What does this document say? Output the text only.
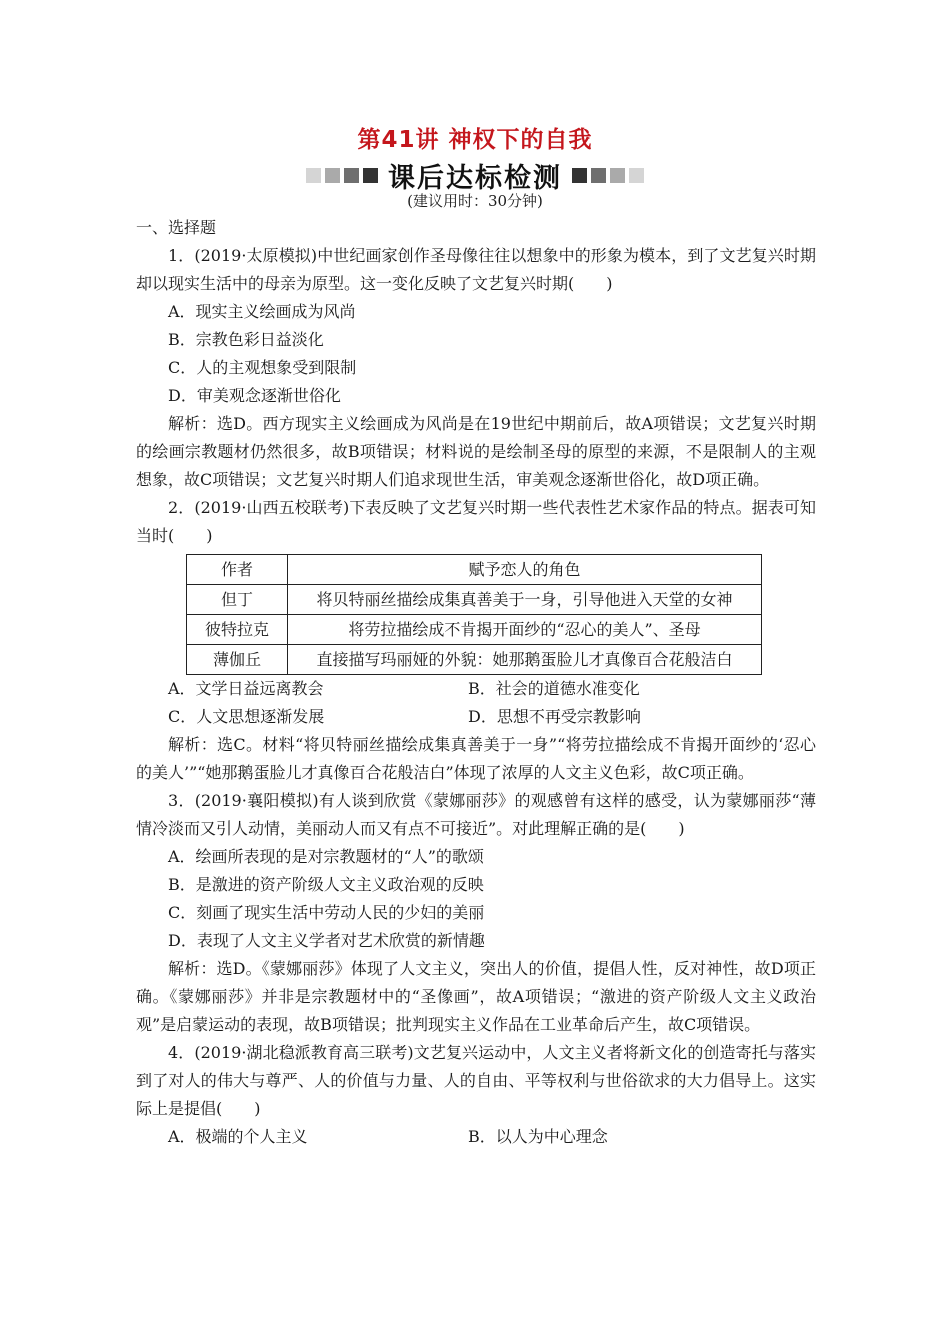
第41讲 神权下的自我
课后达标检测
(建议用时：30分钟)

一、选择题

1．(2019·太原模拟)中世纪画家创作圣母像往往以想象中的形象为模本，到了文艺复兴时期却以现实生活中的母亲为原型。这一变化反映了文艺复兴时期(　　)

A．现实主义绘画成为风尚

B．宗教色彩日益淡化

C．人的主观想象受到限制

D．审美观念逐渐世俗化

解析：选D。西方现实主义绘画成为风尚是在19世纪中期前后，故A项错误；文艺复兴时期的绘画宗教题材仍然很多，故B项错误；材料说的是绘制圣母的原型的来源，不是限制人的主观想象，故C项错误；文艺复兴时期人们追求现世生活，审美观念逐渐世俗化，故D项正确。

2．(2019·山西五校联考)下表反映了文艺复兴时期一些代表性艺术家作品的特点。据表可知当时(　　)

作者	赋予恋人的角色
但丁	将贝特丽丝描绘成集真善美于一身，引导他进入天堂的女神
彼特拉克	将劳拉描绘成不肯揭开面纱的“忍心的美人”、圣母
薄伽丘	直接描写玛丽娅的外貌：她那鹅蛋脸儿才真像百合花般洁白

A．文学日益远离教会	B．社会的道德水准变化

C．人文思想逐渐发展	D．思想不再受宗教影响

解析：选C。材料“将贝特丽丝描绘成集真善美于一身”“将劳拉描绘成不肯揭开面纱的‘忍心的美人’”“她那鹅蛋脸儿才真像百合花般洁白”体现了浓厚的人文主义色彩，故C项正确。

3．(2019·襄阳模拟)有人谈到欣赏《蒙娜丽莎》的观感曾有这样的感受，认为蒙娜丽莎“薄情冷淡而又引人动情，美丽动人而又有点不可接近”。对此理解正确的是(　　)

A．绘画所表现的是对宗教题材的“人”的歌颂

B．是激进的资产阶级人文主义政治观的反映

C．刻画了现实生活中劳动人民的少妇的美丽

D．表现了人文主义学者对艺术欣赏的新情趣

解析：选D。《蒙娜丽莎》体现了人文主义，突出人的价值，提倡人性，反对神性，故D项正确。《蒙娜丽莎》并非是宗教题材中的“圣像画”，故A项错误；“激进的资产阶级人文主义政治观”是启蒙运动的表现，故B项错误；批判现实主义作品在工业革命后产生，故C项错误。

4．(2019·湖北稳派教育高三联考)文艺复兴运动中，人文主义者将新文化的创造寄托与落实到了对人的伟大与尊严、人的价值与力量、人的自由、平等权利与世俗欲求的大力倡导上。这实际上是提倡(　　)

A．极端的个人主义	B．以人为中心理念
